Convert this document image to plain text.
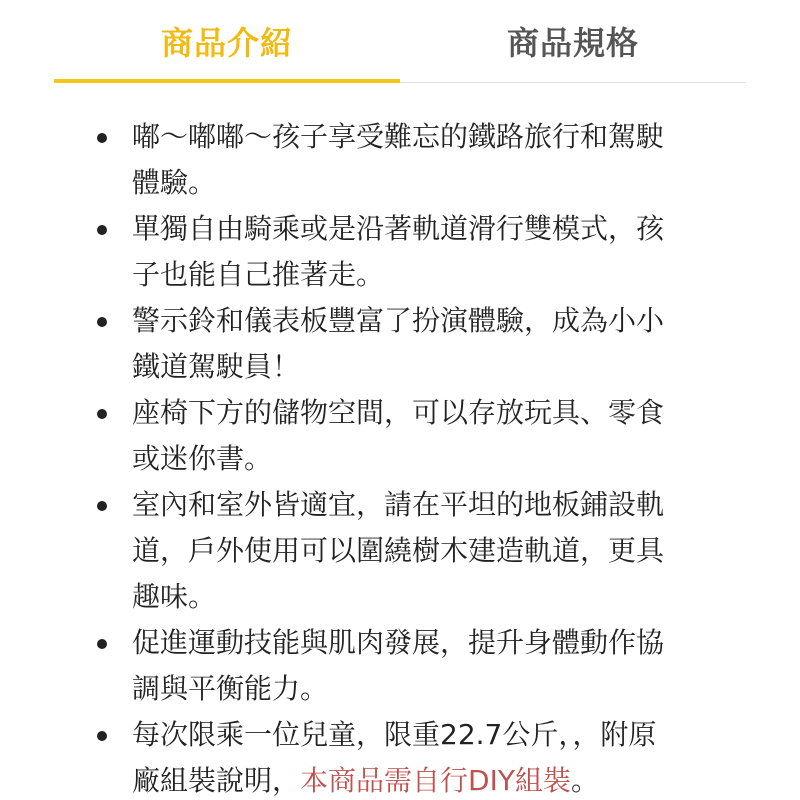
商品介紹	商品規格
嘟～嘟嘟～孩子享受難忘的鐵路旅行和駕駛
體驗。
單獨自由騎乘或是沿著軌道滑行雙模式，孩
子也能自己推著走。
警示鈴和儀表板豐富了扮演體驗，成為小小
鐵道駕駛員！
座椅下方的儲物空間，可以存放玩具、零食
或迷你書。
室內和室外皆適宜，請在平坦的地板鋪設軌
道，戶外使用可以圍繞樹木建造軌道，更具
趣味。
促進運動技能與肌肉發展，提升身體動作協
調與平衡能力。
每次限乘一位兒童，限重22.7公斤，，附原
廠組裝說明，本商品需自行DIY組裝。
